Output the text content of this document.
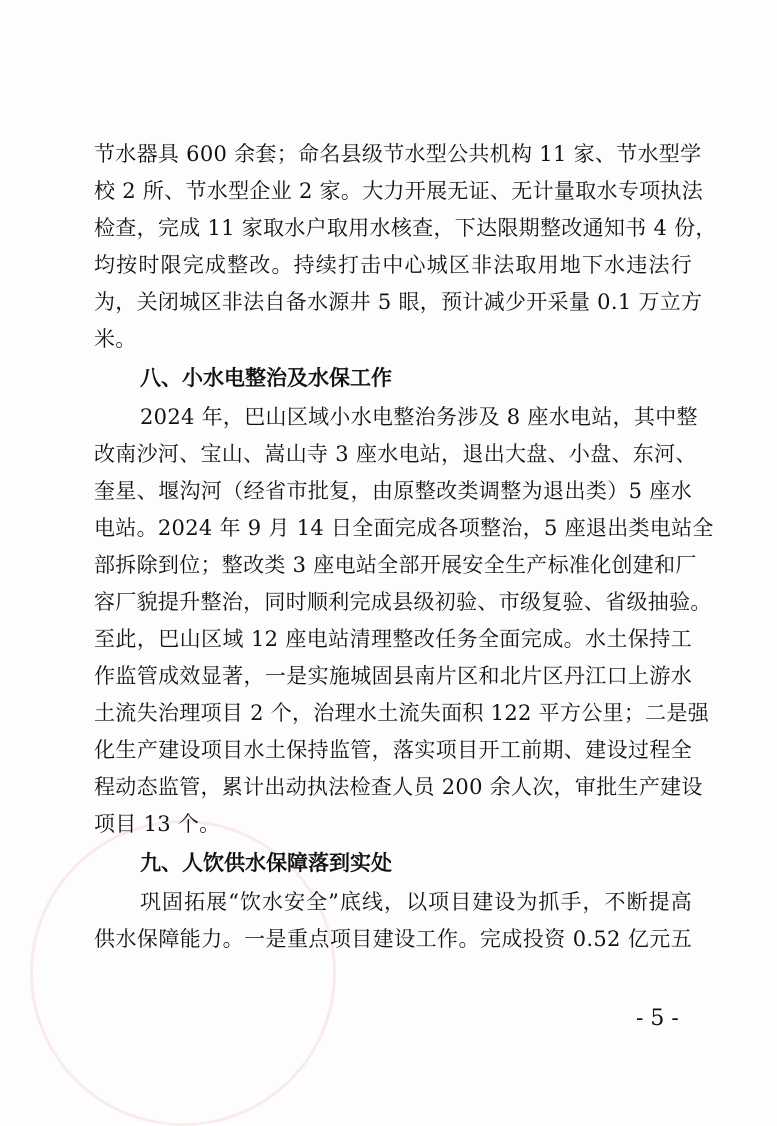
节水器具 600 余套；命名县级节水型公共机构 11 家、节水型学
校 2 所、节水型企业 2 家。大力开展无证、无计量取水专项执法
检查，完成 11 家取水户取用水核查，下达限期整改通知书 4 份，
均按时限完成整改。持续打击中心城区非法取用地下水违法行
为，关闭城区非法自备水源井 5 眼，预计减少开采量 0.1 万立方
米。
八、小水电整治及水保工作
2024 年，巴山区域小水电整治务涉及 8 座水电站，其中整
改南沙河、宝山、嵩山寺 3 座水电站，退出大盘、小盘、东河、
奎星、堰沟河（经省市批复，由原整改类调整为退出类）5 座水
电站。2024 年 9 月 14 日全面完成各项整治，5 座退出类电站全
部拆除到位；整改类 3 座电站全部开展安全生产标准化创建和厂
容厂貌提升整治，同时顺利完成县级初验、市级复验、省级抽验。
至此，巴山区域 12 座电站清理整改任务全面完成。水土保持工
作监管成效显著，一是实施城固县南片区和北片区丹江口上游水
土流失治理项目 2 个，治理水土流失面积 122 平方公里；二是强
化生产建设项目水土保持监管，落实项目开工前期、建设过程全
程动态监管，累计出动执法检查人员 200 余人次，审批生产建设
项目 13 个。
九、人饮供水保障落到实处
巩固拓展“饮水安全”底线，以项目建设为抓手，不断提高
供水保障能力。一是重点项目建设工作。完成投资 0.52 亿元五
- 5 -
